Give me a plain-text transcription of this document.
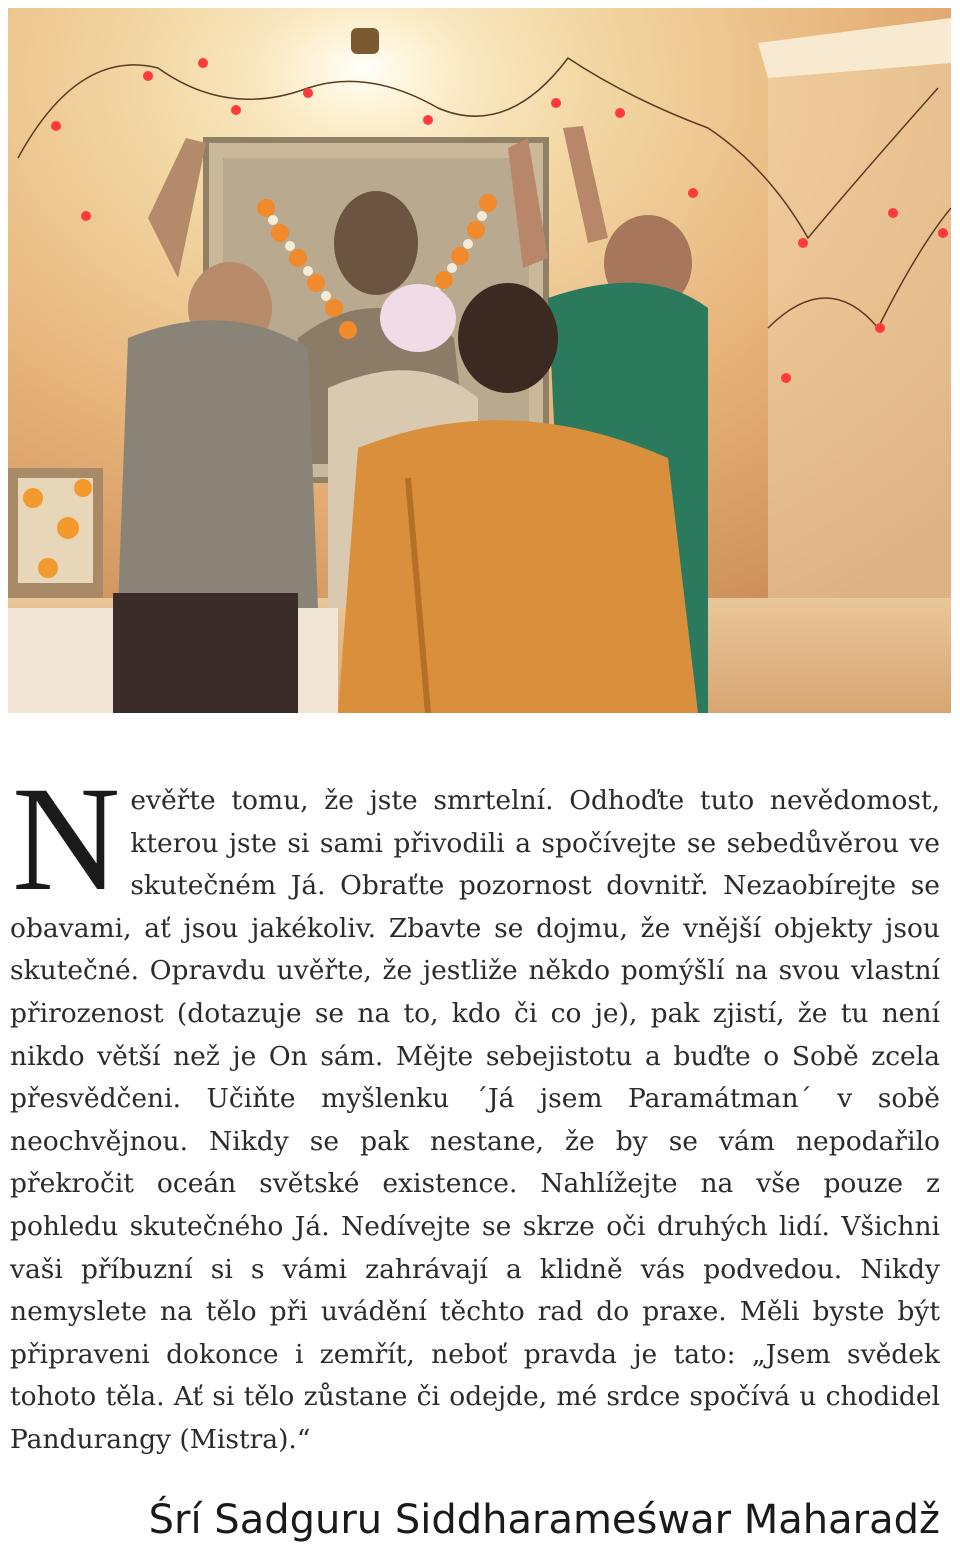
Nevěřte tomu, že jste smrtelní. Odhoďte tuto nevědomost, kterou jste si sami přivodili a spočívejte se sebedůvěrou ve skutečném Já. Obraťte pozornost dovnitř. Nezaobírejte se obavami, ať jsou jakékoliv. Zbavte se dojmu, že vnější objekty jsou skutečné. Opravdu uvěřte, že jestliže někdo pomýšlí na svou vlastní přirozenost (dotazuje se na to, kdo či co je), pak zjistí, že tu není nikdo větší než je On sám. Mějte sebejistotu a buďte o Sobě zcela přesvědčeni. Učiňte myšlenku ´Já jsem Paramátman´ v sobě neochvějnou. Nikdy se pak nestane, že by se vám nepodařilo překročit oceán světské existence. Nahlížejte na vše pouze z pohledu skutečného Já. Nedívejte se skrze oči druhých lidí. Všichni vaši příbuzní si s vámi zahrávají a klidně vás podvedou. Nikdy nemyslete na tělo při uvádění těchto rad do praxe. Měli byste být připraveni dokonce i zemřít, neboť pravda je tato: „Jsem svědek tohoto těla. Ať si tělo zůstane či odejde, mé srdce spočívá u chodidel Pandurangy (Mistra).“

Śrí Sadguru Siddharameśwar Maharadž
